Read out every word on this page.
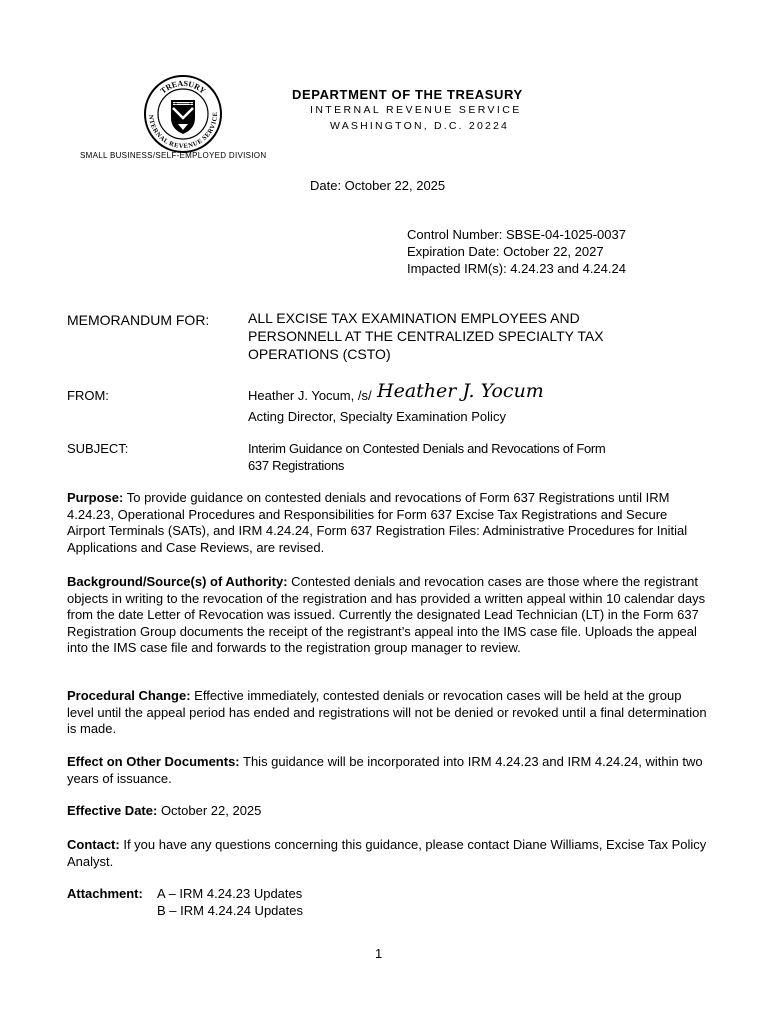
TREASURY
NTERNAL REVENUE SERVICE
DEPARTMENT OF THE TREASURY
INTERNAL REVENUE SERVICE
WASHINGTON, D.C. 20224
SMALL BUSINESS/SELF-EMPLOYED DIVISION
Date: October 22, 2025
Control Number: SBSE-04-1025-0037
Expiration Date: October 22, 2027
Impacted IRM(s): 4.24.23 and 4.24.24
MEMORANDUM FOR:	ALL EXCISE TAX EXAMINATION EMPLOYEES AND
PERSONNELL AT THE CENTRALIZED SPECIALTY TAX
OPERATIONS (CSTO)
FROM:	Heather J. Yocum, /s/ Heather J. Yocum
Acting Director, Specialty Examination Policy
SUBJECT:	Interim Guidance on Contested Denials and Revocations of Form
637 Registrations
Purpose: To provide guidance on contested denials and revocations of Form 637 Registrations until IRM 4.24.23, Operational Procedures and Responsibilities for Form 637 Excise Tax Registrations and Secure Airport Terminals (SATs), and IRM 4.24.24, Form 637 Registration Files: Administrative Procedures for Initial Applications and Case Reviews, are revised.
Background/Source(s) of Authority: Contested denials and revocation cases are those where the registrant objects in writing to the revocation of the registration and has provided a written appeal within 10 calendar days from the date Letter of Revocation was issued. Currently the designated Lead Technician (LT) in the Form 637 Registration Group documents the receipt of the registrant’s appeal into the IMS case file. Uploads the appeal into the IMS case file and forwards to the registration group manager to review.
Procedural Change: Effective immediately, contested denials or revocation cases will be held at the group level until the appeal period has ended and registrations will not be denied or revoked until a final determination is made.
Effect on Other Documents: This guidance will be incorporated into IRM 4.24.23 and IRM 4.24.24, within two years of issuance.
Effective Date: October 22, 2025
Contact: If you have any questions concerning this guidance, please contact Diane Williams, Excise Tax Policy Analyst.
Attachment: A – IRM 4.24.23 Updates
B – IRM 4.24.24 Updates
1
